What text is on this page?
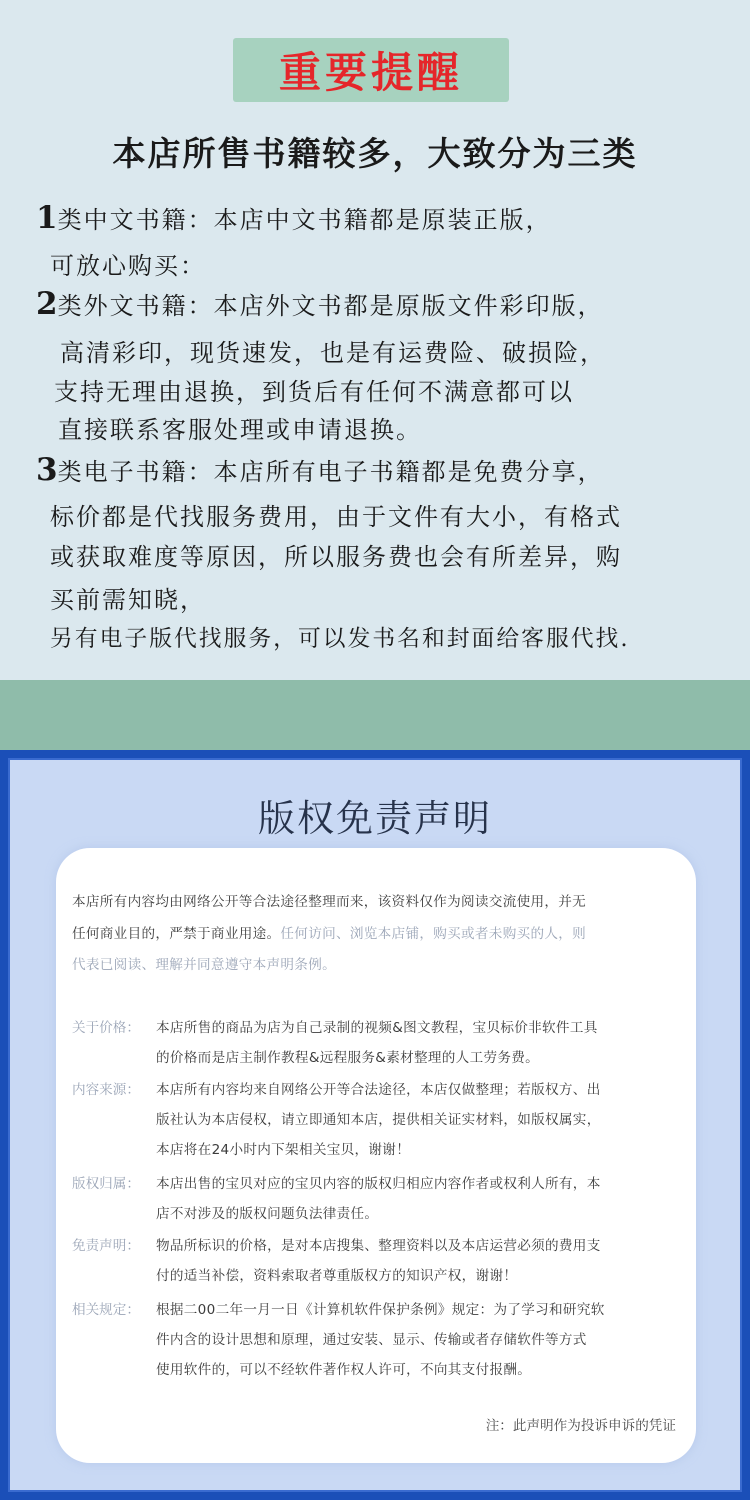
重要提醒
本店所售书籍较多，大致分为三类
1类中文书籍：本店中文书籍都是原装正版，
可放心购买：
2类外文书籍：本店外文书都是原版文件彩印版，
高清彩印，现货速发，也是有运费险、破损险，
支持无理由退换，到货后有任何不满意都可以
直接联系客服处理或申请退换。
3类电子书籍：本店所有电子书籍都是免费分享，
标价都是代找服务费用，由于文件有大小，有格式
或获取难度等原因，所以服务费也会有所差异，购
买前需知晓，
另有电子版代找服务，可以发书名和封面给客服代找.
版权免责声明
本店所有内容均由网络公开等合法途径整理而来，该资料仅作为阅读交流使用，并无
任何商业目的，严禁于商业用途。任何访问、浏览本店铺，购买或者未购买的人，则
代表已阅读、理解并同意遵守本声明条例。
关于价格： 本店所售的商品为店为自己录制的视频&图文教程，宝贝标价非软件工具
的价格而是店主制作教程&远程服务&素材整理的人工劳务费。
内容来源： 本店所有内容均来自网络公开等合法途径，本店仅做整理；若版权方、出
版社认为本店侵权，请立即通知本店，提供相关证实材料，如版权属实，
本店将在24小时内下架相关宝贝，谢谢！
版权归属： 本店出售的宝贝对应的宝贝内容的版权归相应内容作者或权利人所有，本
店不对涉及的版权问题负法律责任。
免责声明： 物品所标识的价格，是对本店搜集、整理资料以及本店运营必须的费用支
付的适当补偿，资料索取者尊重版权方的知识产权，谢谢！
相关规定： 根据二00二年一月一日《计算机软件保护条例》规定：为了学习和研究软
件内含的设计思想和原理，通过安装、显示、传输或者存储软件等方式
使用软件的，可以不经软件著作权人许可，不向其支付报酬。
注：此声明作为投诉申诉的凭证
